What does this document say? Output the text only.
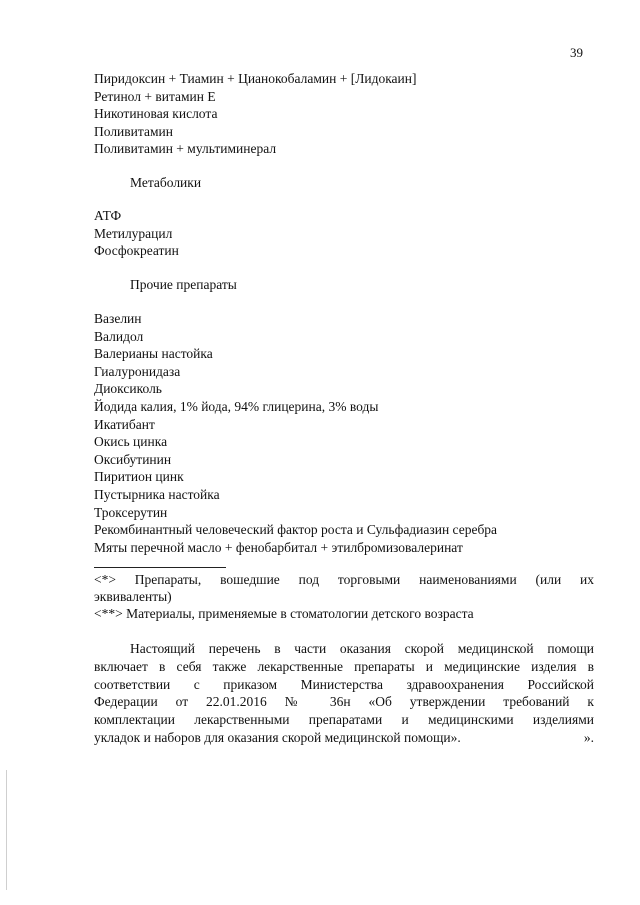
39
Пиридоксин + Тиамин + Цианокобаламин + [Лидокаин]
Ретинол + витамин Е
Никотиновая кислота
Поливитамин
Поливитамин + мультиминерал
Метаболики
АТФ
Метилурацил
Фосфокреатин
Прочие препараты
Вазелин
Валидол
Валерианы настойка
Гиалуронидаза
Диоксиколь
Йодида калия, 1% йода, 94% глицерина, 3% воды
Икатибант
Окись цинка
Оксибутинин
Пиритион цинк
Пустырника настойка
Троксерутин
Рекомбинантный человеческий фактор роста и Сульфадиазин серебра
Мяты перечной масло + фенобарбитал + этилбромизовалеринат
<*> Препараты, вошедшие под торговыми наименованиями (или их
эквиваленты)
<**> Материалы, применяемые в стоматологии детского возраста
Настоящий перечень в части оказания скорой медицинской помощи
включает в себя также лекарственные препараты и медицинские изделия в
соответствии с приказом Министерства здравоохранения Российской
Федерации от 22.01.2016 № 36н «Об утверждении требований к
комплектации лекарственными препаратами и медицинскими изделиями
укладок и наборов для оказания скорой медицинской помощи».	».
